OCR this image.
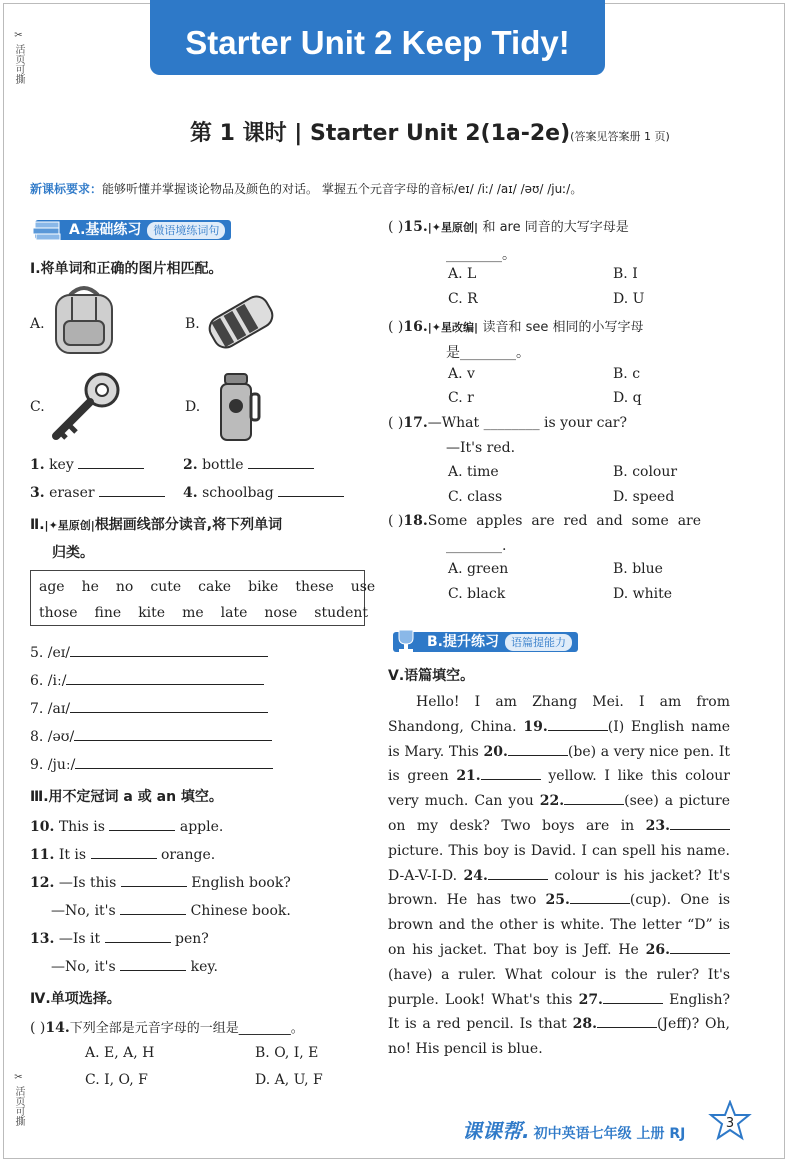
Starter Unit 2 Keep Tidy!
✂ 活页可撕
✂ 活页可撕
第 1 课时 | Starter Unit 2(1a-2e)(答案见答案册 1 页)
新课标要求：能够听懂并掌握谈论物品及颜色的对话。 掌握五个元音字母的音标/eɪ/ /iː/ /aɪ/ /əʊ/ /juː/。
A.基础练习 微语境练词句
Ⅰ.将单词和正确的图片相匹配。
A.	B.
C.	D.
1. key	2. bottle
3. eraser	4. schoolbag
Ⅱ.|✦星原创|根据画线部分读音,将下列单词
归类。
age he no cute cake bike these use
those fine kite me late nose student
5. /eɪ/
6. /iː/
7. /aɪ/
8. /əʊ/
9. /juː/
Ⅲ.用不定冠词 a 或 an 填空。
10. This is	apple.
11. It is	orange.
12. —Is this	English book?
—No, it's	Chinese book.
13. —Is it	pen?
—No, it's	key.
Ⅳ.单项选择。
( )14.下列全部是元音字母的一组是________。
A. E, A, H	B. O, I, E
C. I, O, F	D. A, U, F
( )15.|✦星原创| 和 are 同音的大写字母是
________。
A. L	B. I
C. R	D. U
( )16.|✦星改编| 读音和 see 相同的小写字母
是________。
A. v	B. c
C. r	D. q
( )17.—What ________ is your car?
—It's red.
A. time	B. colour
C. class	D. speed
( )18.Some  apples  are  red  and  some  are
________.
A. green	B. blue
C. black	D. white
B.提升练习 语篇提能力
Ⅴ.语篇填空。
Hello! I am Zhang Mei. I am from Shandong, China. 19.	(I) English name is Mary. This 20.	(be) a very nice pen. It is green 21.	yellow. I like this colour very much. Can you 22.	(see) a picture on my desk? Two boys are in 23. picture. This boy is David. I can spell his name. D-A-V-I-D. 24.	colour is his jacket? It's brown. He has two 25.	(cup). One is brown and the other is white. The letter “D” is on his jacket. That boy is Jeff. He 26.(have) a ruler. What colour is the ruler? It's purple. Look! What's this 27.	English? It is a red pencil. Is that 28.	(Jeff)? Oh, no! His pencil is blue.
课课帮. 初中英语七年级 上册 RJ
3
